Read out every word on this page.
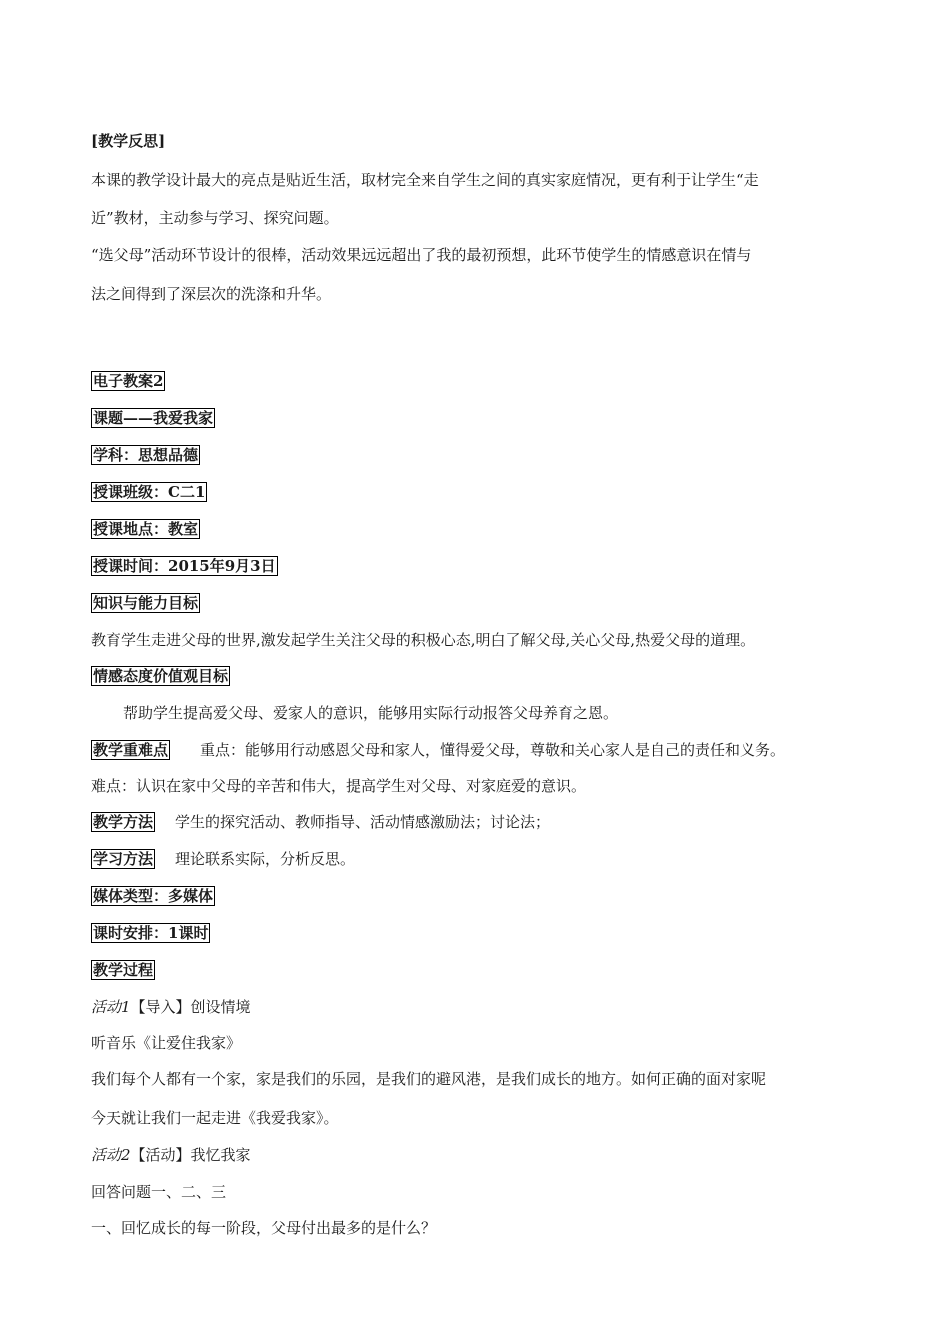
[教学反思]
本课的教学设计最大的亮点是贴近生活，取材完全来自学生之间的真实家庭情况，更有利于让学生“走
近”教材，主动参与学习、探究问题。
“选父母”活动环节设计的很棒，活动效果远远超出了我的最初预想，此环节使学生的情感意识在情与
法之间得到了深层次的洗涤和升华。
电子教案2
课题——我爱我家
学科：思想品德
授课班级：C二1
授课地点：教室
授课时间：2015年9月3日
知识与能力目标
教育学生走进父母的世界,激发起学生关注父母的积极心态,明白了解父母,关心父母,热爱父母的道理。
情感态度价值观目标
帮助学生提高爱父母、爱家人的意识，能够用实际行动报答父母养育之恩。
教学重难点 重点：能够用行动感恩父母和家人，懂得爱父母，尊敬和关心家人是自己的责任和义务。
难点：认识在家中父母的辛苦和伟大，提高学生对父母、对家庭爱的意识。
教学方法 学生的探究活动、教师指导、活动情感激励法；讨论法；
学习方法 理论联系实际，分析反思。
媒体类型：多媒体
课时安排：1课时
教学过程
活动1【导入】创设情境
听音乐《让爱住我家》
我们每个人都有一个家，家是我们的乐园，是我们的避风港，是我们成长的地方。如何正确的面对家呢
今天就让我们一起走进《我爱我家》。
活动2【活动】我忆我家
回答问题一、二、三
一、回忆成长的每一阶段，父母付出最多的是什么？
